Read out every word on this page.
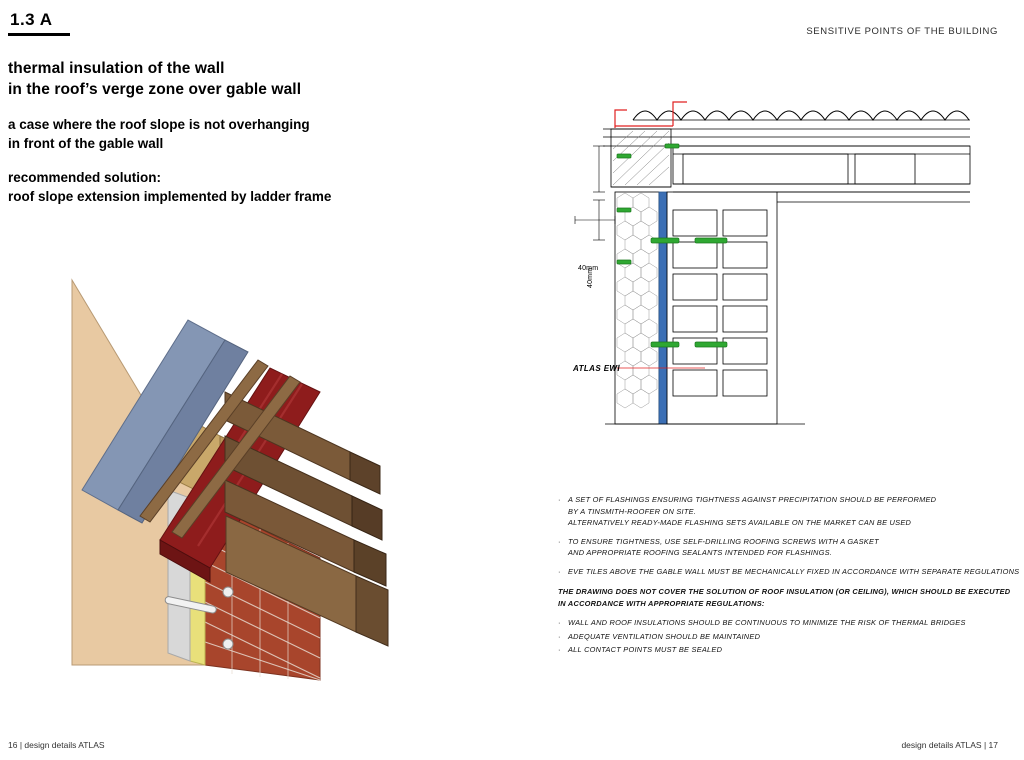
1.3 A
SENSITIVE POINTS OF THE BUILDING
thermal insulation of the wall
in the roof’s verge zone over gable wall
a case where the roof slope is not overhanging
in front of the gable wall
recommended solution:
roof slope extension implemented by ladder frame
ATLAS EWI
40mm
40mm
· A SET OF FLASHINGS ENSURING TIGHTNESS AGAINST PRECIPITATION SHOULD BE PERFORMED
BY A TINSMITH-ROOFER ON SITE.
ALTERNATIVELY READY-MADE FLASHING SETS AVAILABLE ON THE MARKET CAN BE USED
· TO ENSURE TIGHTNESS, USE SELF-DRILLING ROOFING SCREWS WITH A GASKET
AND APPROPRIATE ROOFING SEALANTS INTENDED FOR FLASHINGS.
· EVE TILES ABOVE THE GABLE WALL MUST BE MECHANICALLY FIXED IN ACCORDANCE WITH SEPARATE REGULATIONS
THE DRAWING DOES NOT COVER THE SOLUTION OF ROOF INSULATION (OR CEILING), WHICH SHOULD BE EXECUTED
IN ACCORDANCE WITH APPROPRIATE REGULATIONS:
· WALL AND ROOF INSULATIONS SHOULD BE CONTINUOUS TO MINIMIZE THE RISK OF THERMAL BRIDGES
· ADEQUATE VENTILATION SHOULD BE MAINTAINED
· ALL CONTACT POINTS MUST BE SEALED
16 | design details ATLAS	design details ATLAS | 17
